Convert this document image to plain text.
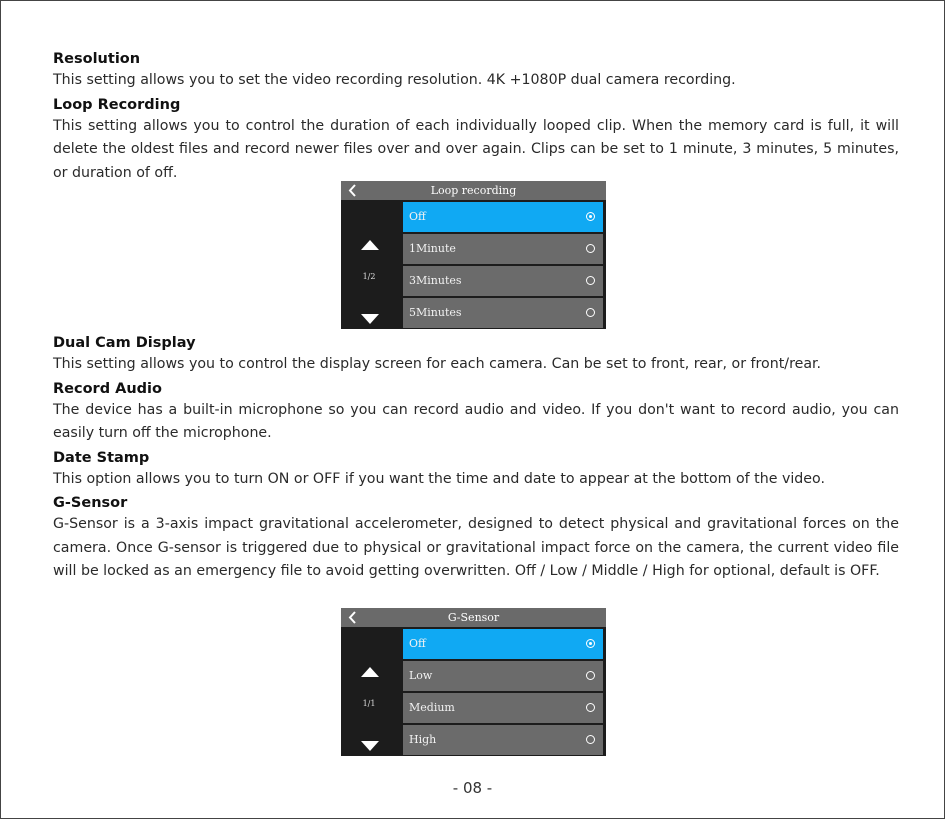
Resolution

This setting allows you to set the video recording resolution. 4K +1080P dual camera recording.

Loop Recording

This setting allows you to control the duration of each individually looped clip. When the memory card is full, it will delete the oldest files and record newer files over and over again. Clips can be set to 1 minute, 3 minutes, 5 minutes, or duration of off.

Dual Cam Display

This setting allows you to control the display screen for each camera. Can be set to front, rear, or front/rear.

Record Audio

The device has a built-in microphone so you can record audio and video. If you don't want to record audio, you can easily turn off the microphone.

Date Stamp

This option allows you to turn ON or OFF if you want the time and date to appear at the bottom of the video.

G-Sensor

G-Sensor is a 3-axis impact gravitational accelerometer, designed to detect physical and gravitational forces on the camera. Once G-sensor is triggered due to physical or gravitational impact force on the camera, the current video file will be locked as an emergency file to avoid getting overwritten. Off / Low / Middle / High for optional, default is OFF.

Loop recording
1/2
Off
1Minute
3Minutes
5Minutes
G-Sensor
1/1
Off
Low
Medium
High
- 08 -
